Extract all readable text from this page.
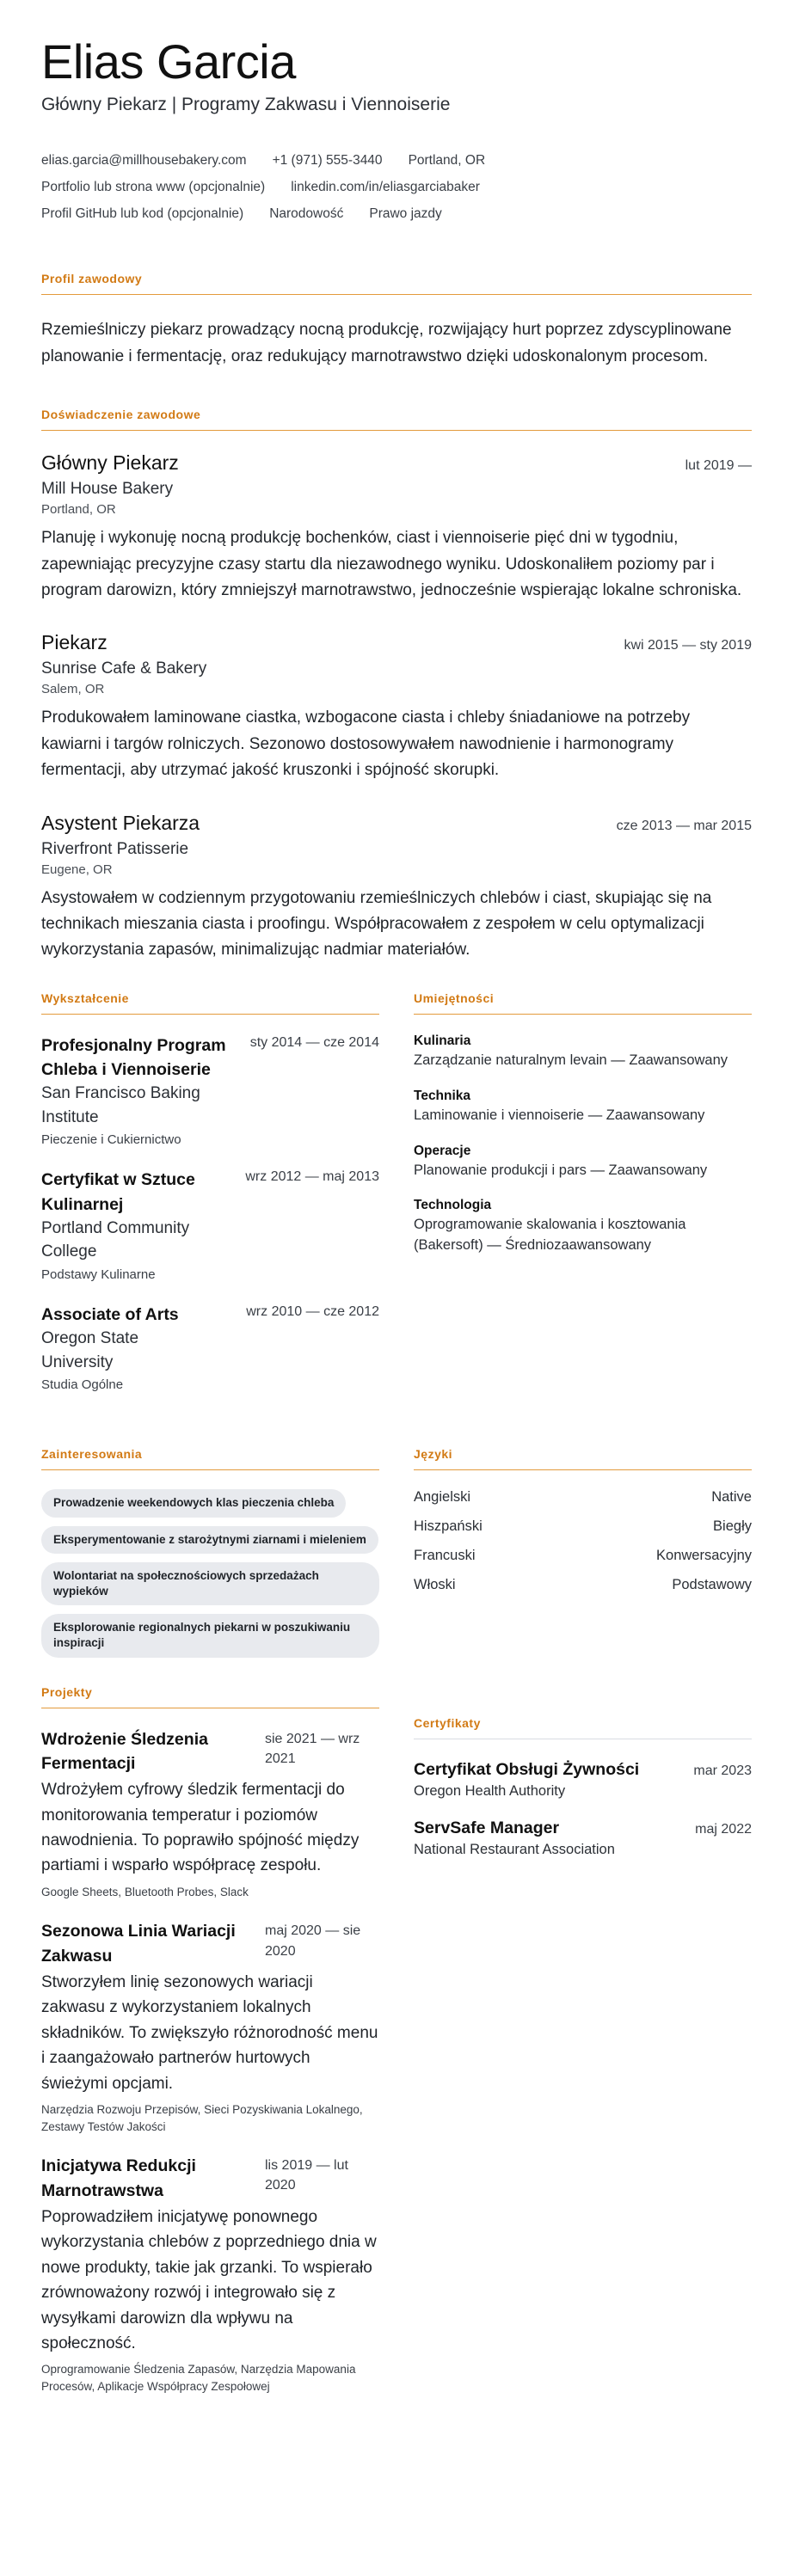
Elias Garcia
Główny Piekarz | Programy Zakwasu i Viennoiserie
elias.garcia@millhousebakery.com +1 (971) 555-3440 Portland, OR
Portfolio lub strona www (opcjonalnie) linkedin.com/in/eliasgarciabaker
Profil GitHub lub kod (opcjonalnie) Narodowość Prawo jazdy
Profil zawodowy

Rzemieślniczy piekarz prowadzący nocną produkcję, rozwijający hurt poprzez zdyscyplinowane planowanie i fermentację, oraz redukujący marnotrawstwo dzięki udoskonalonym procesom.

Doświadczenie zawodowe
Główny Piekarz	lut 2019 —
Mill House Bakery
Portland, OR

Planuję i wykonuję nocną produkcję bochenków, ciast i viennoiserie pięć dni w tygodniu, zapewniając precyzyjne czasy startu dla niezawodnego wyniku. Udoskonaliłem poziomy par i program darowizn, który zmniejszył marnotrawstwo, jednocześnie wspierając lokalne schroniska.

Piekarz	kwi 2015 — sty 2019
Sunrise Cafe & Bakery
Salem, OR

Produkowałem laminowane ciastka, wzbogacone ciasta i chleby śniadaniowe na potrzeby kawiarni i targów rolniczych. Sezonowo dostosowywałem nawodnienie i harmonogramy fermentacji, aby utrzymać jakość kruszonki i spójność skorupki.

Asystent Piekarza	cze 2013 — mar 2015
Riverfront Patisserie
Eugene, OR

Asystowałem w codziennym przygotowaniu rzemieślniczych chlebów i ciast, skupiając się na technikach mieszania ciasta i proofingu. Współpracowałem z zespołem w celu optymalizacji wykorzystania zapasów, minimalizując nadmiar materiałów.

Wykształcenie
Profesjonalny Program Chleba i Viennoiserie
sty 2014 — cze 2014
San Francisco Baking Institute
Pieczenie i Cukiernictwo
Certyfikat w Sztuce Kulinarnej
wrz 2012 — maj 2013
Portland Community College
Podstawy Kulinarne
Associate of Arts	wrz 2010 — cze 2012
Oregon State University
Studia Ogólne
Umiejętności
Kulinaria
Zarządzanie naturalnym levain — Zaawansowany
Technika
Laminowanie i viennoiserie — Zaawansowany
Operacje
Planowanie produkcji i pars — Zaawansowany
Technologia
Oprogramowanie skalowania i kosztowania (Bakersoft) — Średniozaawansowany
Zainteresowania
Prowadzenie weekendowych klas pieczenia chleba
Eksperymentowanie z starożytnymi ziarnami i mieleniem
Wolontariat na społecznościowych sprzedażach wypieków
Eksplorowanie regionalnych piekarni w poszukiwaniu inspiracji
Języki
Angielski	Native
Hiszpański	Biegły
Francuski	Konwersacyjny
Włoski	Podstawowy
Projekty
Wdrożenie Śledzenia Fermentacji
sie 2021 — wrz 2021

Wdrożyłem cyfrowy śledzik fermentacji do monitorowania temperatur i poziomów nawodnienia. To poprawiło spójność między partiami i wsparło współpracę zespołu.

Google Sheets, Bluetooth Probes, Slack
Sezonowa Linia Wariacji Zakwasu
maj 2020 — sie 2020

Stworzyłem linię sezonowych wariacji zakwasu z wykorzystaniem lokalnych składników. To zwiększyło różnorodność menu i zaangażowało partnerów hurtowych świeżymi opcjami.

Narzędzia Rozwoju Przepisów, Sieci Pozyskiwania Lokalnego, Zestawy Testów Jakości
Inicjatywa Redukcji Marnotrawstwa
lis 2019 — lut 2020

Poprowadziłem inicjatywę ponownego wykorzystania chlebów z poprzedniego dnia w nowe produkty, takie jak grzanki. To wspierało zrównoważony rozwój i integrowało się z wysyłkami darowizn dla wpływu na społeczność.

Oprogramowanie Śledzenia Zapasów, Narzędzia Mapowania Procesów, Aplikacje Współpracy Zespołowej
Certyfikaty
Certyfikat Obsługi Żywności	mar 2023
Oregon Health Authority
ServSafe Manager	maj 2022
National Restaurant Association
